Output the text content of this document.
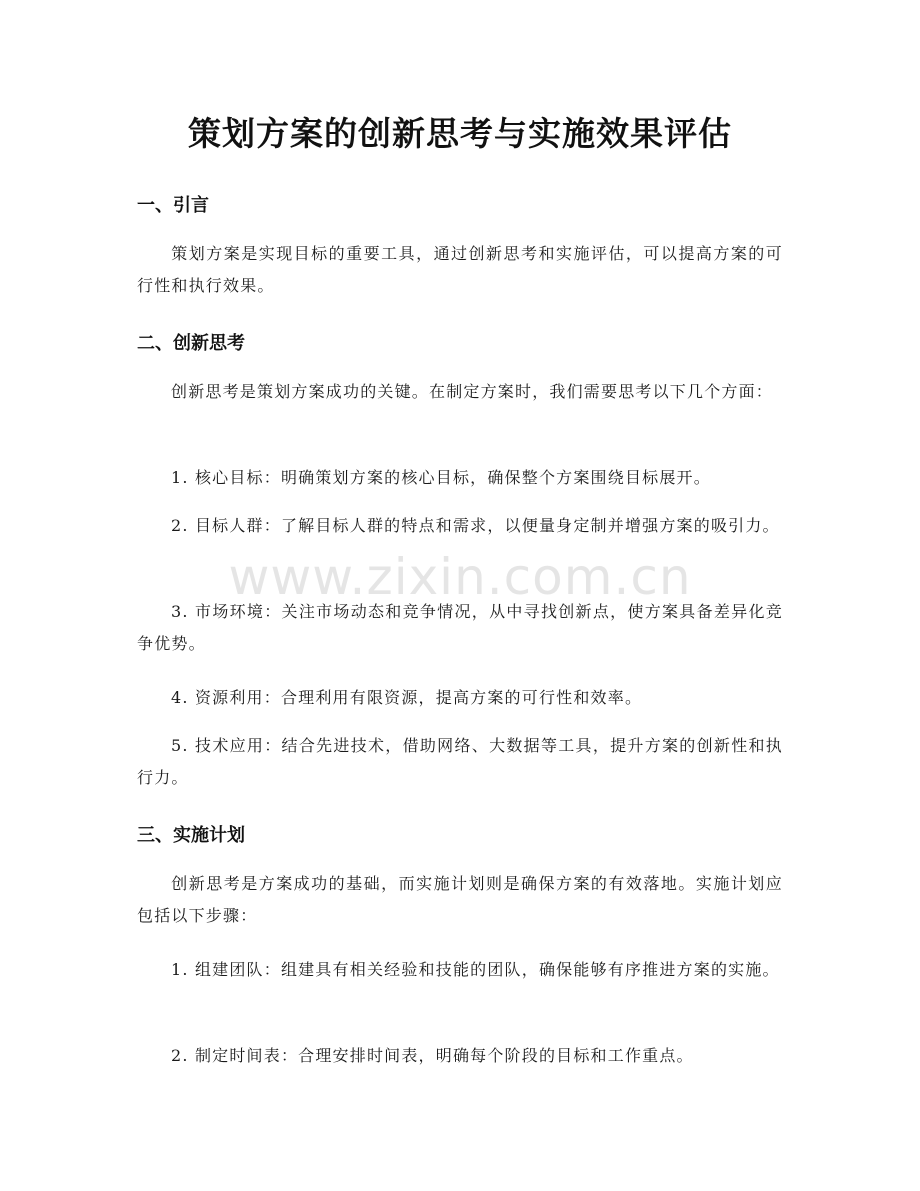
策划方案的创新思考与实施效果评估
一、引言

策划方案是实现目标的重要工具，通过创新思考和实施评估，可以提高方案的可行性和执行效果。

二、创新思考

创新思考是策划方案成功的关键。在制定方案时，我们需要思考以下几个方面：

1. 核心目标：明确策划方案的核心目标，确保整个方案围绕目标展开。

2. 目标人群：了解目标人群的特点和需求，以便量身定制并增强方案的吸引力。

3. 市场环境：关注市场动态和竞争情况，从中寻找创新点，使方案具备差异化竞争优势。

4. 资源利用：合理利用有限资源，提高方案的可行性和效率。

5. 技术应用：结合先进技术，借助网络、大数据等工具，提升方案的创新性和执行力。

三、实施计划

创新思考是方案成功的基础，而实施计划则是确保方案的有效落地。实施计划应包括以下步骤：

1. 组建团队：组建具有相关经验和技能的团队，确保能够有序推进方案的实施。

2. 制定时间表：合理安排时间表，明确每个阶段的目标和工作重点。

www.zixin.com.cn
